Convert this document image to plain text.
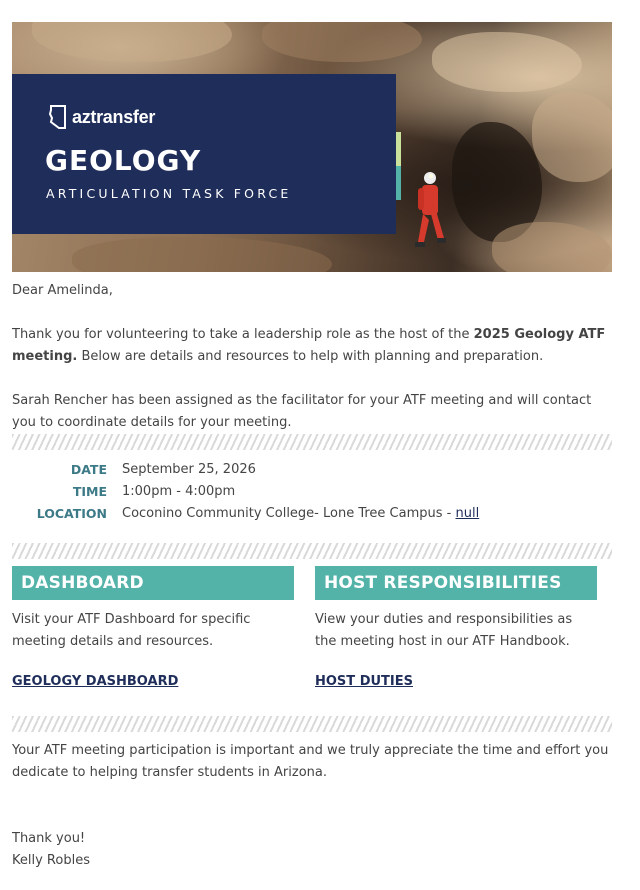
aztransfer
GEOLOGY
ARTICULATION TASK FORCE

Dear Amelinda,

Thank you for volunteering to take a leadership role as the host of the 2025 Geology ATF meeting. Below are details and resources to help with planning and preparation.

Sarah Rencher has been assigned as the facilitator for your ATF meeting and will contact you to coordinate details for your meeting.

DATE	September 25, 2026
TIME	1:00pm - 4:00pm
LOCATION	Coconino Community College- Lone Tree Campus - null
DASHBOARD

Visit your ATF Dashboard for specific meeting details and resources.

GEOLOGY DASHBOARD
HOST RESPONSIBILITIES

View your duties and responsibilities as the meeting host in our ATF Handbook.

HOST DUTIES

Your ATF meeting participation is important and we truly appreciate the time and effort you dedicate to helping transfer students in Arizona.

Thank you!

Kelly Robles
